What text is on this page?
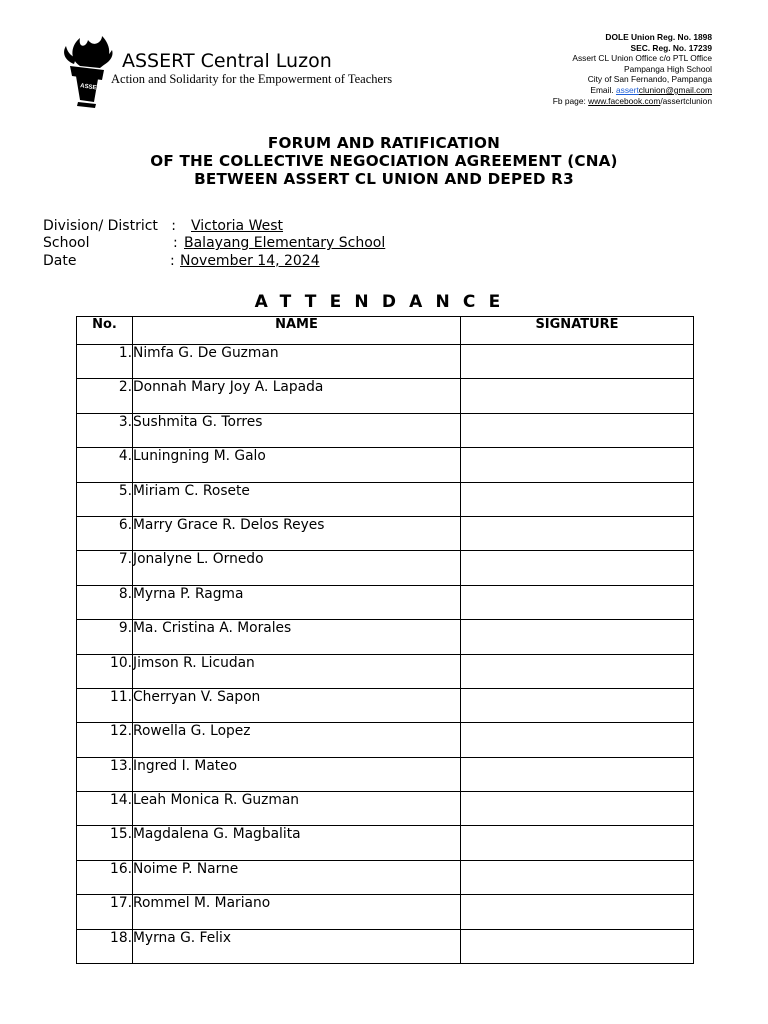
ASSERT
ASSERT Central Luzon
Action and Solidarity for the Empowerment of Teachers
DOLE Union Reg. No. 1898
SEC. Reg. No. 17239
Assert CL Union Office c/o PTL Office
Pampanga High School
City of San Fernando, Pampanga
Email. assertclunion@gmail.com
Fb page: www.facebook.com/assertclunion
FORUM AND RATIFICATION
OF THE COLLECTIVE NEGOCIATION AGREEMENT (CNA)
BETWEEN ASSERT CL UNION AND DEPED R3
Division/ District   : Victoria West
School	: Balayang Elementary School
Date	: November 14, 2024
ATTENDANCE
No.	NAME	SIGNATURE
1.	Nimfa G. De Guzman	
2.	Donnah Mary Joy A. Lapada	
3.	Sushmita G. Torres	
4.	Luningning M. Galo	
5.	Miriam C. Rosete	
6.	Marry Grace R. Delos Reyes	
7.	Jonalyne L. Ornedo	
8.	Myrna P. Ragma	
9.	Ma. Cristina A. Morales	
10.	Jimson R. Licudan	
11.	Cherryan V. Sapon	
12.	Rowella G. Lopez	
13.	Ingred I. Mateo	
14.	Leah Monica R. Guzman	
15.	Magdalena G. Magbalita	
16.	Noime P. Narne	
17.	Rommel M. Mariano	
18.	Myrna G. Felix	
